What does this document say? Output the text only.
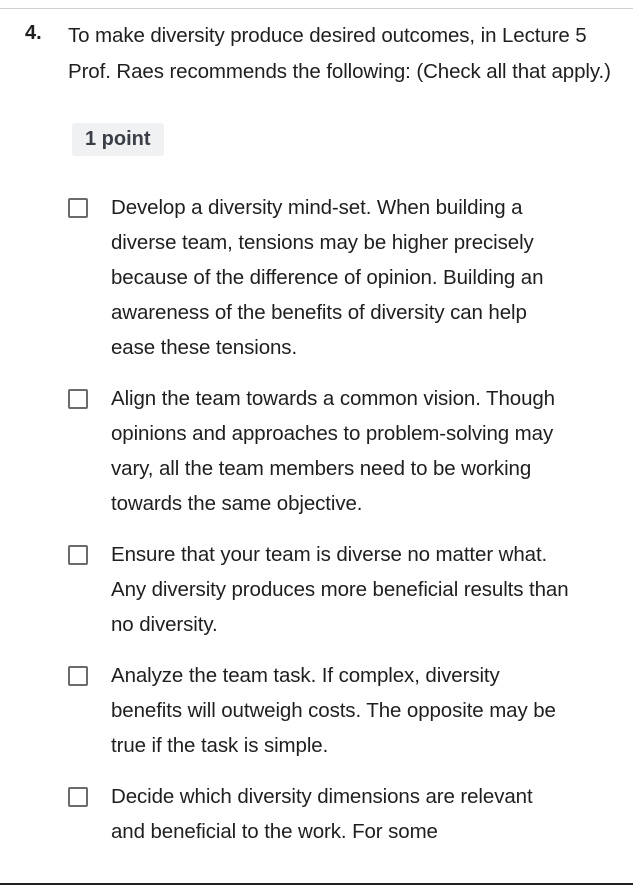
4. To make diversity produce desired outcomes, in Lecture 5 Prof. Raes recommends the following: (Check all that apply.)
1 point
Develop a diversity mind-set. When building a diverse team, tensions may be higher precisely because of the difference of opinion. Building an awareness of the benefits of diversity can help ease these tensions.
Align the team towards a common vision. Though opinions and approaches to problem-solving may vary, all the team members need to be working towards the same objective.
Ensure that your team is diverse no matter what. Any diversity produces more beneficial results than no diversity.
Analyze the team task. If complex, diversity benefits will outweigh costs. The opposite may be true if the task is simple.
Decide which diversity dimensions are relevant and beneficial to the work. For some
